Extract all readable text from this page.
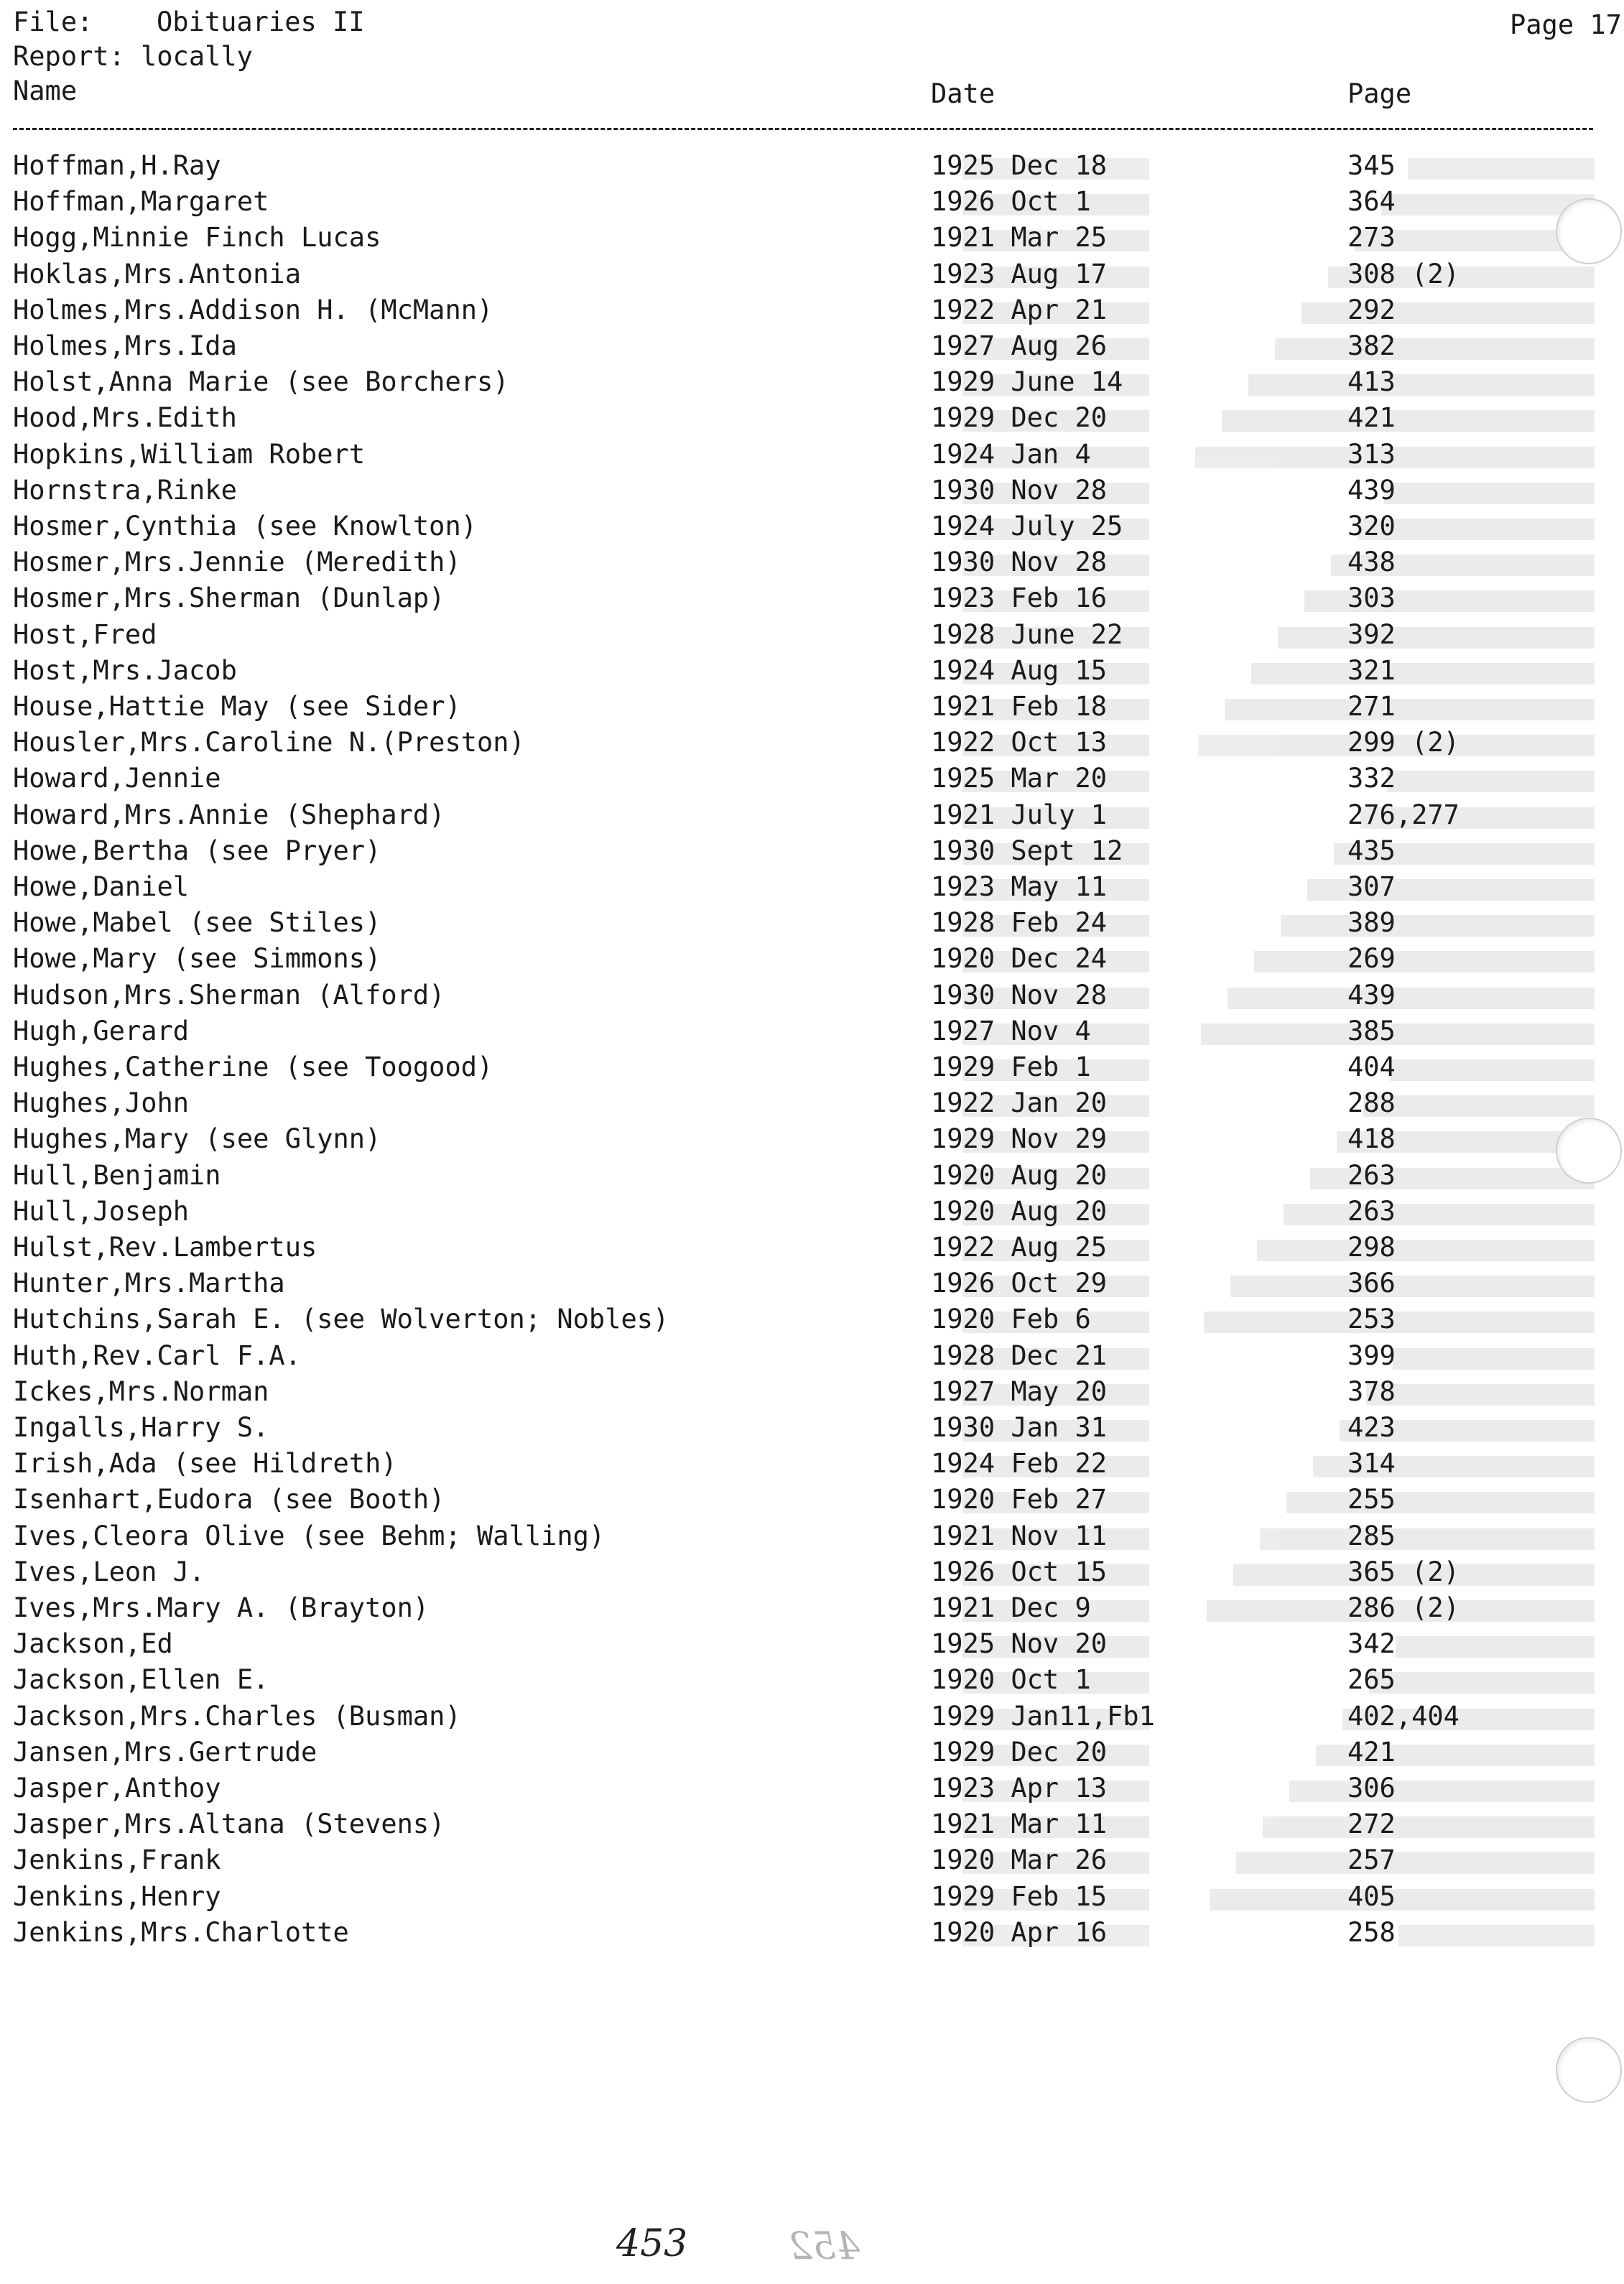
File: Obituaries II
Report: locally
Page 17
Name	Date	Page
Hoffman,H.Ray	1925 Dec 18	345
Hoffman,Margaret	1926 Oct 1	364
Hogg,Minnie Finch Lucas	1921 Mar 25	273
Hoklas,Mrs.Antonia	1923 Aug 17	308 (2)
Holmes,Mrs.Addison H. (McMann)	1922 Apr 21	292
Holmes,Mrs.Ida	1927 Aug 26	382
Holst,Anna Marie (see Borchers)	1929 June 14	413
Hood,Mrs.Edith	1929 Dec 20	421
Hopkins,William Robert	1924 Jan 4	313
Hornstra,Rinke	1930 Nov 28	439
Hosmer,Cynthia (see Knowlton)	1924 July 25	320
Hosmer,Mrs.Jennie (Meredith)	1930 Nov 28	438
Hosmer,Mrs.Sherman (Dunlap)	1923 Feb 16	303
Host,Fred	1928 June 22	392
Host,Mrs.Jacob	1924 Aug 15	321
House,Hattie May (see Sider)	1921 Feb 18	271
Housler,Mrs.Caroline N.(Preston)	1922 Oct 13	299 (2)
Howard,Jennie	1925 Mar 20	332
Howard,Mrs.Annie (Shephard)	1921 July 1	276,277
Howe,Bertha (see Pryer)	1930 Sept 12	435
Howe,Daniel	1923 May 11	307
Howe,Mabel (see Stiles)	1928 Feb 24	389
Howe,Mary (see Simmons)	1920 Dec 24	269
Hudson,Mrs.Sherman (Alford)	1930 Nov 28	439
Hugh,Gerard	1927 Nov 4	385
Hughes,Catherine (see Toogood)	1929 Feb 1	404
Hughes,John	1922 Jan 20	288
Hughes,Mary (see Glynn)	1929 Nov 29	418
Hull,Benjamin	1920 Aug 20	263
Hull,Joseph	1920 Aug 20	263
Hulst,Rev.Lambertus	1922 Aug 25	298
Hunter,Mrs.Martha	1926 Oct 29	366
Hutchins,Sarah E. (see Wolverton; Nobles)	1920 Feb 6	253
Huth,Rev.Carl F.A.	1928 Dec 21	399
Ickes,Mrs.Norman	1927 May 20	378
Ingalls,Harry S.	1930 Jan 31	423
Irish,Ada (see Hildreth)	1924 Feb 22	314
Isenhart,Eudora (see Booth)	1920 Feb 27	255
Ives,Cleora Olive (see Behm; Walling)	1921 Nov 11	285
Ives,Leon J.	1926 Oct 15	365 (2)
Ives,Mrs.Mary A. (Brayton)	1921 Dec 9	286 (2)
Jackson,Ed	1925 Nov 20	342
Jackson,Ellen E.	1920 Oct 1	265
Jackson,Mrs.Charles (Busman)	1929 Jan11,Fb1	402,404
Jansen,Mrs.Gertrude	1929 Dec 20	421
Jasper,Anthoy	1923 Apr 13	306
Jasper,Mrs.Altana (Stevens)	1921 Mar 11	272
Jenkins,Frank	1920 Mar 26	257
Jenkins,Henry	1929 Feb 15	405
Jenkins,Mrs.Charlotte	1920 Apr 16	258
453	452
